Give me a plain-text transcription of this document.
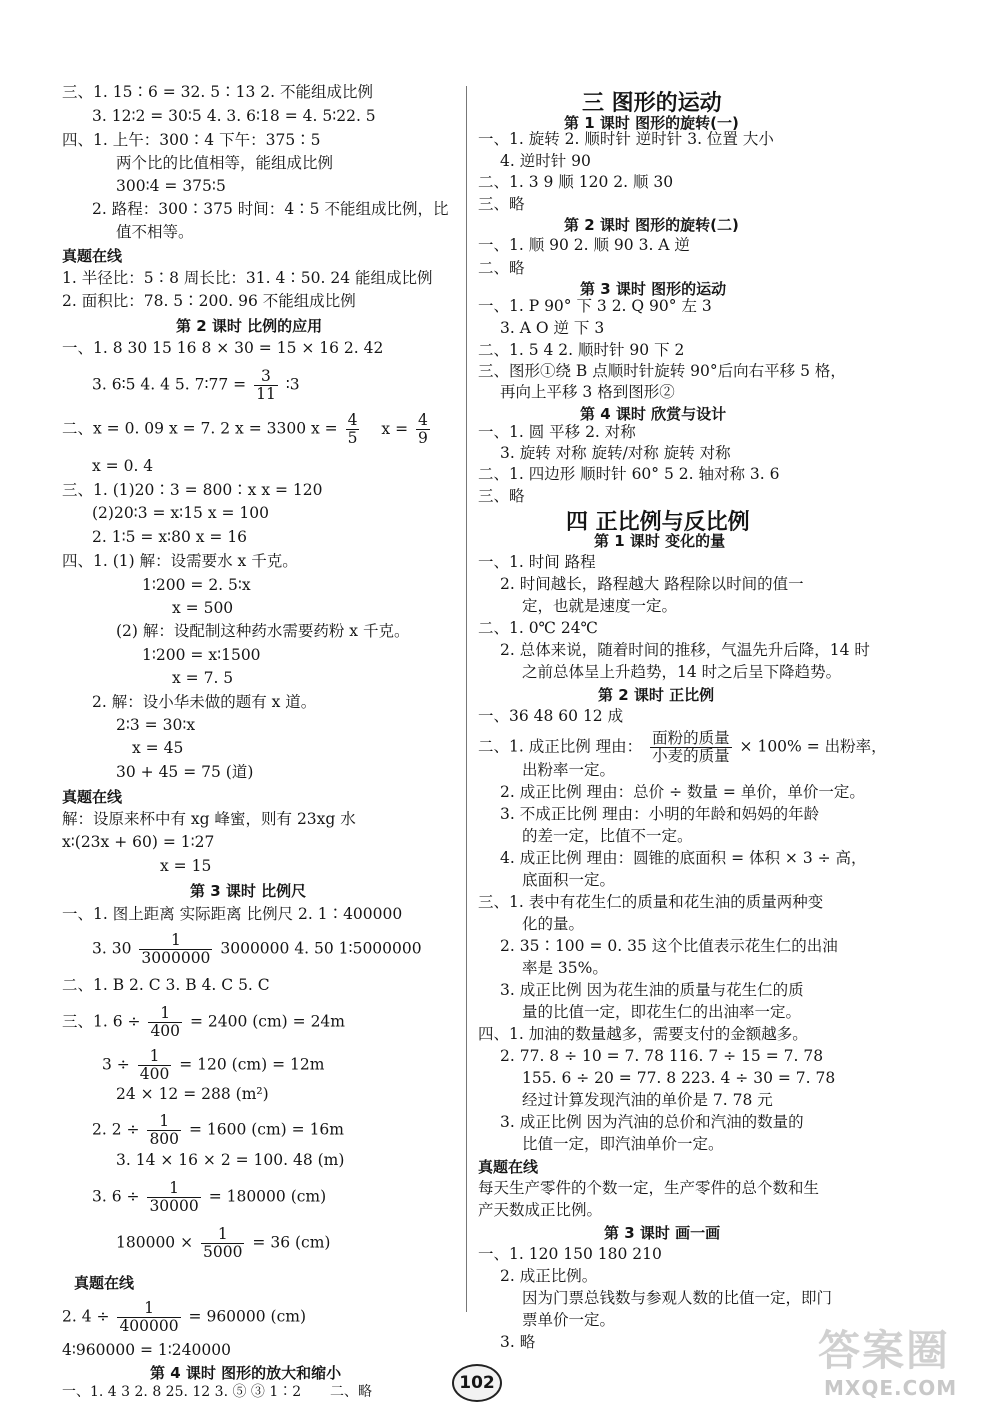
三、1. 15∶6 = 32. 5∶13 2. 不能组成比例
3. 12∶2 = 30∶5 4. 3. 6∶18 = 4. 5∶22. 5
四、1. 上午：300∶4 下午：375∶5
两个比的比值相等，能组成比例
300∶4 = 375∶5
2. 路程：300∶375 时间：4∶5 不能组成比例，比
值不相等。
真题在线
1. 半径比：5∶8 周长比：31. 4∶50. 24 能组成比例
2. 面积比：78. 5∶200. 96 不能组成比例
第 2 课时 比例的应用
一、1. 8 30 15 16 8 × 30 = 15 × 16 2. 42
3. 6∶5 4. 4 5. 7∶77 = $\frac{3}{11}$ ∶3
二、x = 0. 09 x = 7. 2 x = 3300 $x = \frac{4}{5}$ $x = \frac{4}{9}$
x = 0. 4
三、1. (1)20∶3 = 800∶x x = 120
(2)20∶3 = x∶15 x = 100
2. 1∶5 = x∶80 x = 16
四、1. (1) 解：设需要水 x 千克。
1∶200 = 2. 5∶x
x = 500
(2) 解：设配制这种药水需要药粉 x 千克。
1∶200 = x∶1500
x = 7. 5
2. 解：设小华未做的题有 x 道。
2∶3 = 30∶x
x = 45
30 + 45 = 75 (道)
真题在线
解：设原来杯中有 xg 峰蜜，则有 23xg 水
x∶(23x + 60) = 1∶27
x = 15
第 3 课时 比例尺
一、1. 图上距离 实际距离 比例尺 2. 1∶400000
3. $30 \frac{1}{3000000} 3000000$ 4. 50 1∶5000000
二、1. B 2. C 3. B 4. C 5. C
三、1. $6 \div \frac{1}{400} = 2400$ (cm) = 24m
$3 \div \frac{1}{400} = 120$ (cm) = 12m
24 × 12 = 288 (m²)
2. $2 \div \frac{1}{800} = 1600$ (cm) = 16m
3. 14 × 16 × 2 = 100. 48 (m)
3. $6 \div \frac{1}{30000} = 180000$ (cm)
$180000 \times \frac{1}{5000} = 36$ (cm)
真题在线
2. $4 \div \frac{1}{400000} = 960000$ (cm)
三 图形的运动
第 1 课时 图形的旋转(一)
一、1. 旋转 2. 顺时针 逆时针 3. 位置 大小
4. 逆时针 90
二、1. 3 9 顺 120 2. 顺 30
三、略
第 2 课时 图形的旋转(二)
一、1. 顺 90 2. 顺 90 3. A 逆
二、略
第 3 课时 图形的运动
一、1. P 90° 下 3 2. Q 90° 左 3
3. A O 逆 下 3
二、1. 5 4 2. 顺时针 90 下 2
三、图形①绕 B 点顺时针旋转 90°后向右平移 5 格，
再向上平移 3 格到图形②
第 4 课时 欣赏与设计
一、1. 圆 平移 2. 对称
3. 旋转 对称 旋转/对称 旋转 对称
二、1. 四边形 顺时针 60° 5 2. 轴对称 3. 6
三、略
四 正比例与反比例
第 1 课时 变化的量
一、1. 时间 路程
2. 时间越长，路程越大 路程除以时间的值一
定，也就是速度一定。
二、1. 0℃ 24℃
2. 总体来说，随着时间的推移，气温先升后降，14 时
之前总体呈上升趋势，14 时之后呈下降趋势。
第 2 课时 正比例
一、36 48 60 12 成
二、1. 成正比例 理由： $\frac{\text{面粉的质量}}{\text{小麦的质量}} \times 100\%$ = 出粉率，
出粉率一定。
2. 成正比例 理由：总价 ÷ 数量 = 单价，单价一定。
3. 不成正比例 理由：小明的年龄和妈妈的年龄
的差一定，比值不一定。
4. 成正比例 理由：圆锥的底面积 = 体积 × 3 ÷ 高，
底面积一定。
三、1. 表中有花生仁的质量和花生油的质量两种变
化的量。
2. 35∶100 = 0. 35 这个比值表示花生仁的出油
率是 35%。
3. 成正比例 因为花生油的质量与花生仁的质
量的比值一定，即花生仁的出油率一定。
四、1. 加油的数量越多，需要支付的金额越多。
2. 77. 8 ÷ 10 = 7. 78 116. 7 ÷ 15 = 7. 78
155. 6 ÷ 20 = 77. 8 223. 4 ÷ 30 = 7. 78
经过计算发现汽油的单价是 7. 78 元
3. 成正比例 因为汽油的总价和汽油的数量的
比值一定，即汽油单价一定。
真题在线
每天生产零件的个数一定，生产零件的总个数和生
产天数成正比例。
第 3 课时 画一画
一、1. 120 150 180 210
2. 成正比例。
因为门票总钱数与参观人数的比值一定，即门
票单价一定。
3. 略
4∶960000 = 1∶240000
第 4 课时 图形的放大和缩小
一、1. 4 3 2. 8 25. 12 3. ⑤ ③ 1∶2 二、略	102
答案圈
MXQE.COM
